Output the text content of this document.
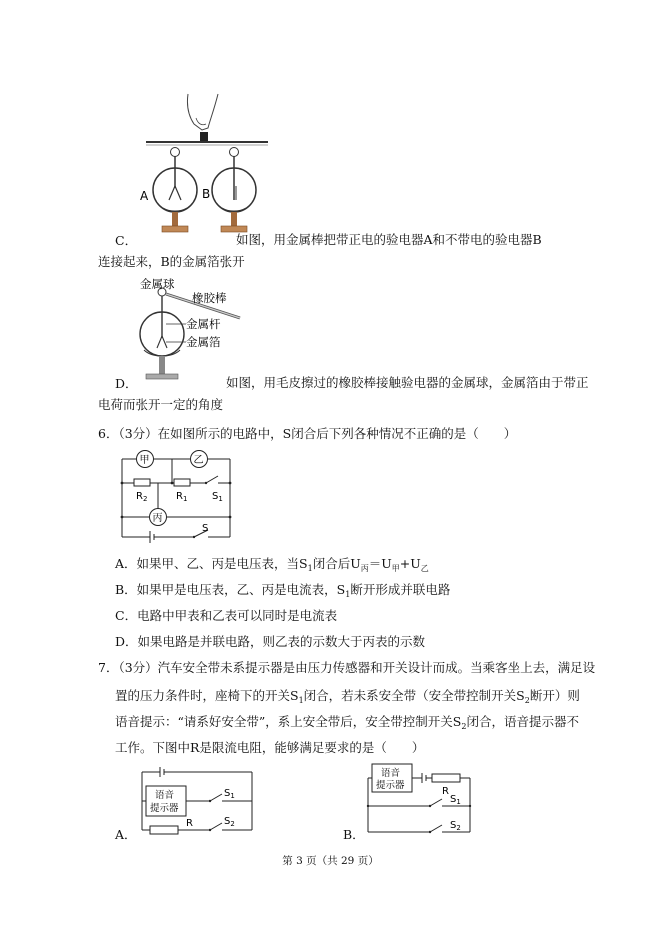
A	B
C．	如图，用金属棒把带正电的验电器A和不带电的验电器B
连接起来，B的金属箔张开
金属球
橡胶棒
金属杆
金属箔
D．	如图，用毛皮擦过的橡胶棒接触验电器的金属球，金属箔由于带正
电荷而张开一定的角度
6．（3分）在如图所示的电路中，S闭合后下列各种情况不正确的是（　　）
甲	乙
丙
$R_2$	$R_1$ $S_1$
S
A．如果甲、乙、丙是电压表，当$S_1$闭合后$U_丙=U_甲+U_乙$
B．如果甲是电压表，乙、丙是电流表，$S_1$断开形成并联电路
C．电路中甲表和乙表可以同时是电流表
D．如果电路是并联电路，则乙表的示数大于丙表的示数
7．（3分）汽车安全带未系提示器是由压力传感器和开关设计而成。当乘客坐上去，满足设
置的压力条件时，座椅下的开关$S_1$闭合，若未系安全带（安全带控制开关$S_2$断开）则
语音提示：“请系好安全带”，系上安全带后，安全带控制开关$S_2$闭合，语音提示器不
工作。下图中R是限流电阻，能够满足要求的是（　　）
语音
提示器
$S_1$
$S_2$
R
A．
语音
提示器
R
$S_1$
$S_2$
B．
第 3 页（共 29 页）
